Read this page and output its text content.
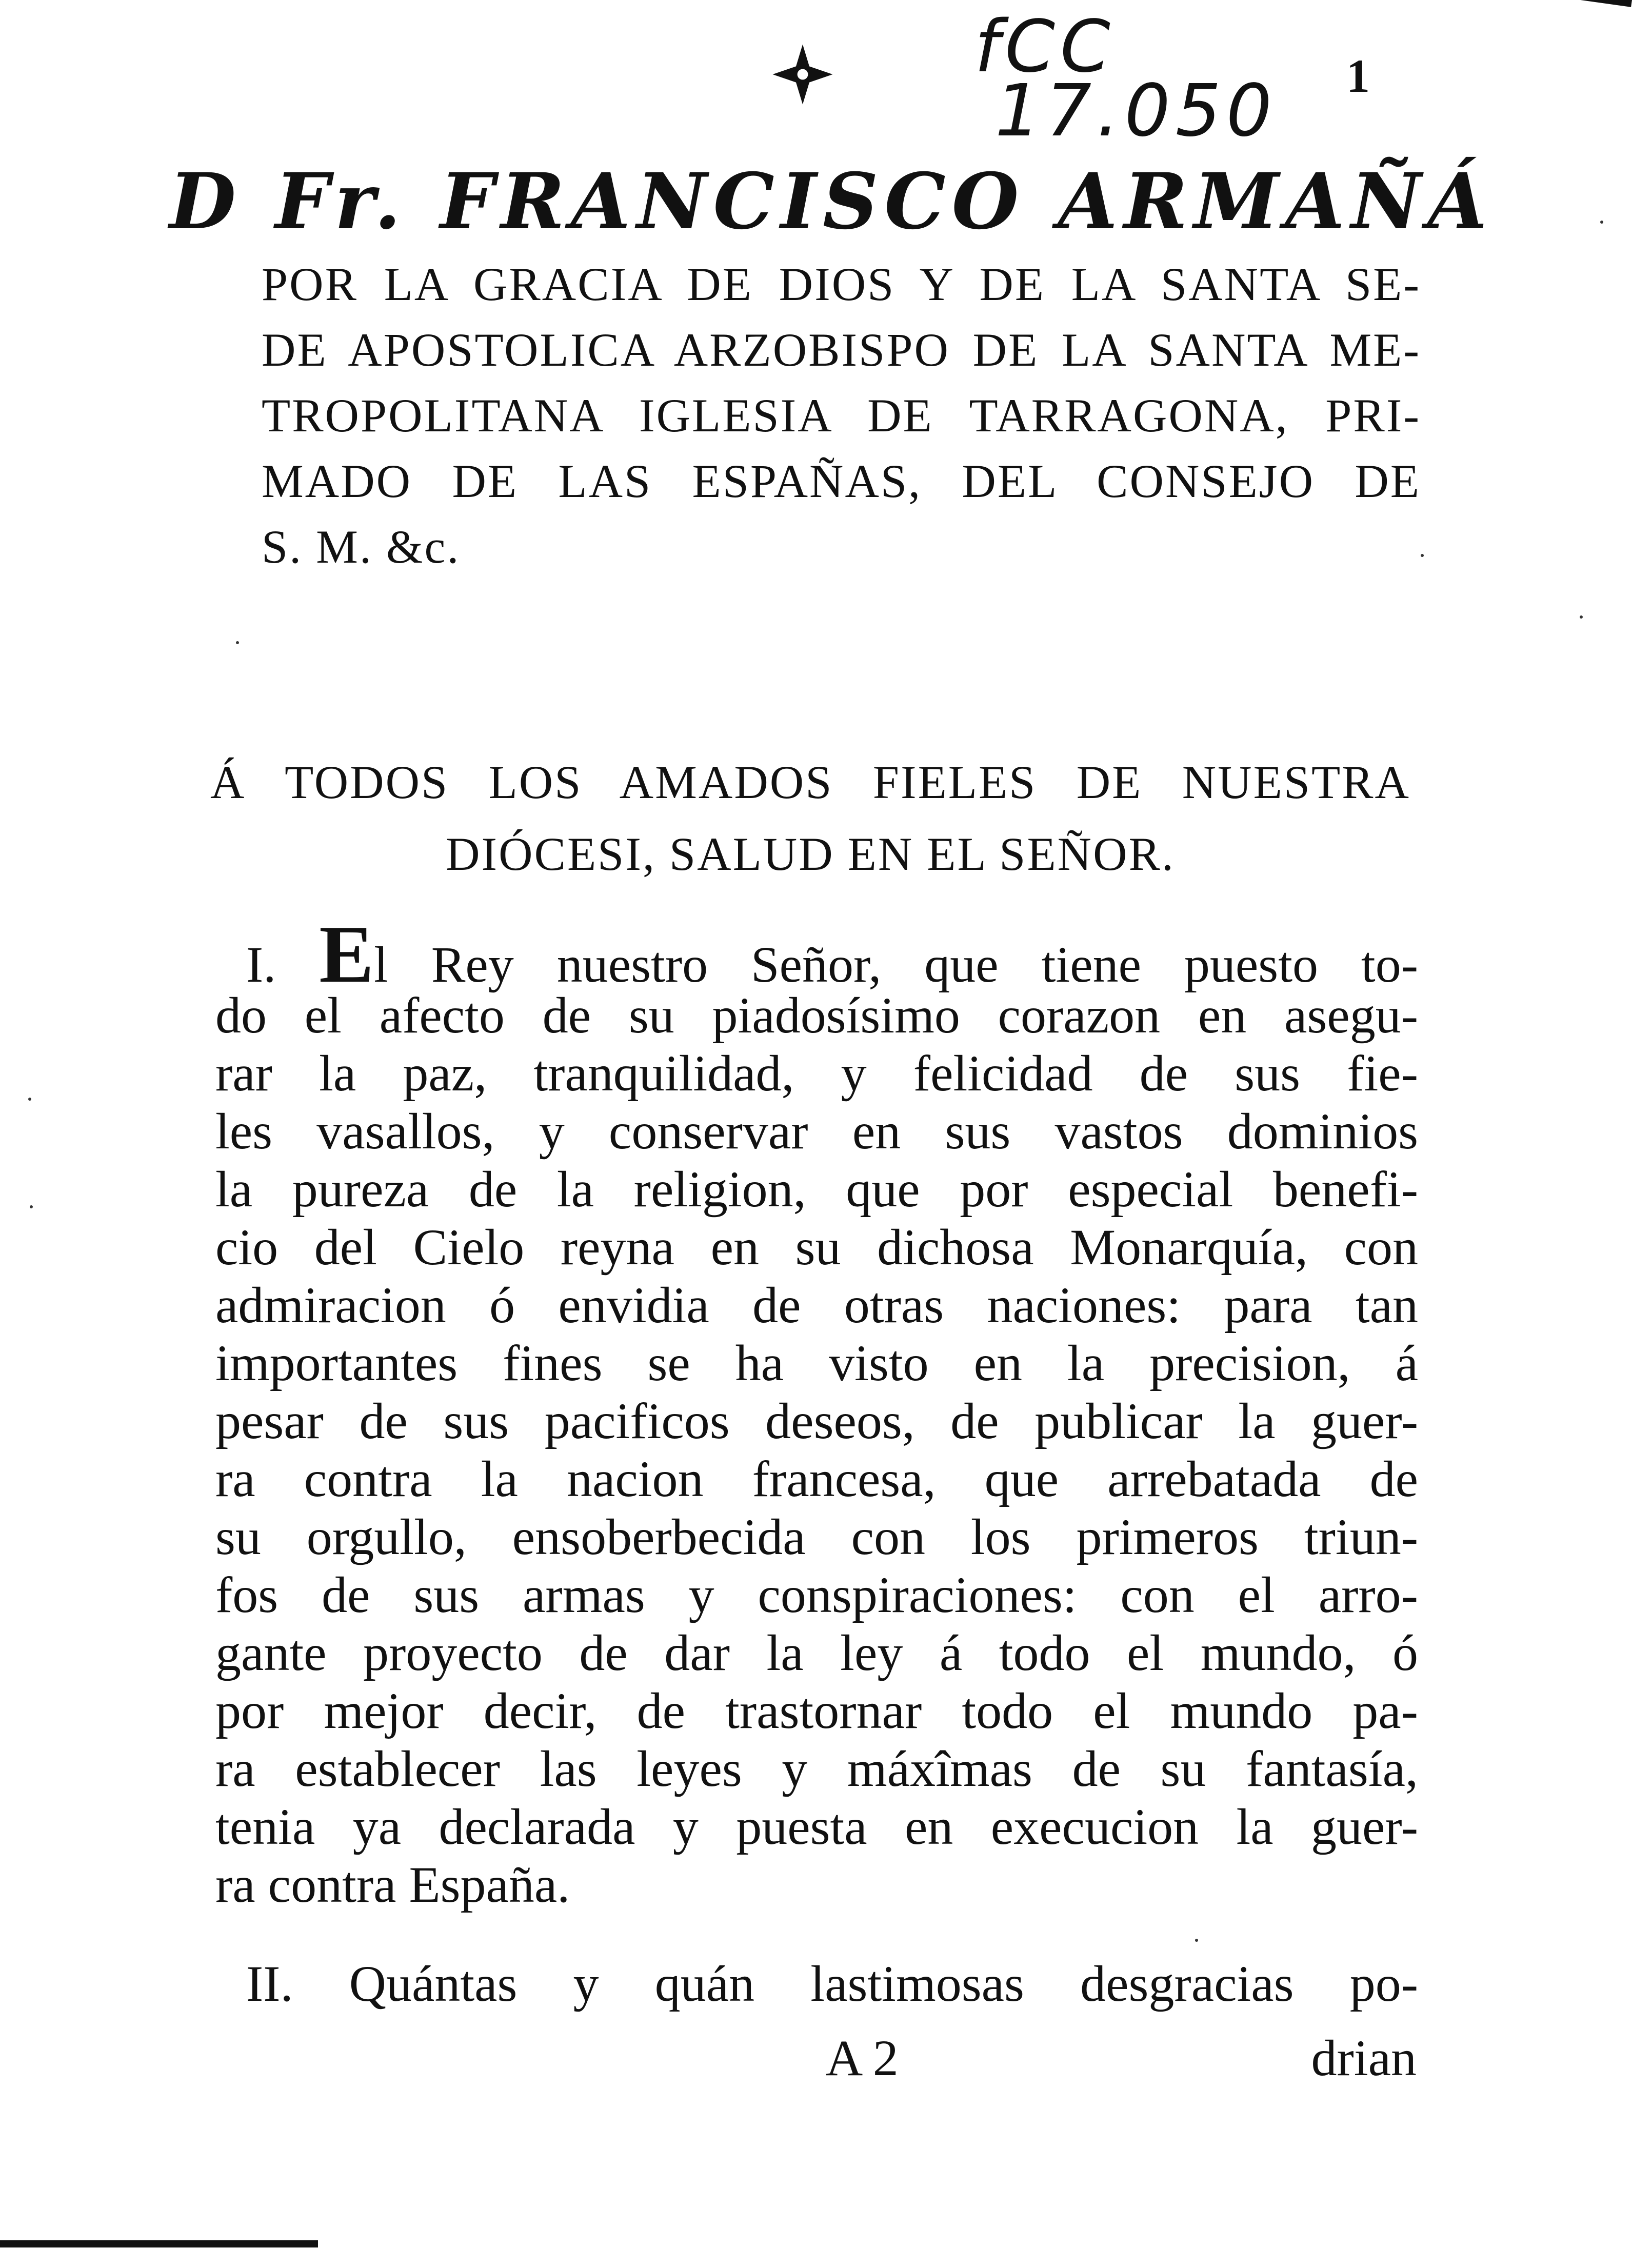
fCC
17.050 1
D Fr. FRANCISCO ARMAÑÁ
POR LA GRACIA DE DIOS Y DE LA SANTA SE-
DE APOSTOLICA ARZOBISPO DE LA SANTA ME-
TROPOLITANA IGLESIA DE TARRAGONA, PRI-
MADO DE LAS ESPAÑAS, DEL CONSEJO DE
S. M. &c.
Á TODOS LOS AMADOS FIELES DE NUESTRA
DIÓCESI, SALUD EN EL SEÑOR.
I. El Rey nuestro Señor, que tiene puesto to-
do el afecto de su piadosísimo corazon en asegu-
rar la paz, tranquilidad, y felicidad de sus fie-
les vasallos, y conservar en sus vastos dominios
la pureza de la religion, que por especial benefi-
cio del Cielo reyna en su dichosa Monarquía, con
admiracion ó envidia de otras naciones: para tan
importantes fines se ha visto en la precision, á
pesar de sus pacificos deseos, de publicar la guer-
ra contra la nacion francesa, que arrebatada de
su orgullo, ensoberbecida con los primeros triun-
fos de sus armas y conspiraciones: con el arro-
gante proyecto de dar la ley á todo el mundo, ó
por mejor decir, de trastornar todo el mundo pa-
ra establecer las leyes y máxîmas de su fantasía,
tenia ya declarada y puesta en execucion la guer-
ra contra España.
II. Quántas y quán lastimosas desgracias po-
A 2	drian
